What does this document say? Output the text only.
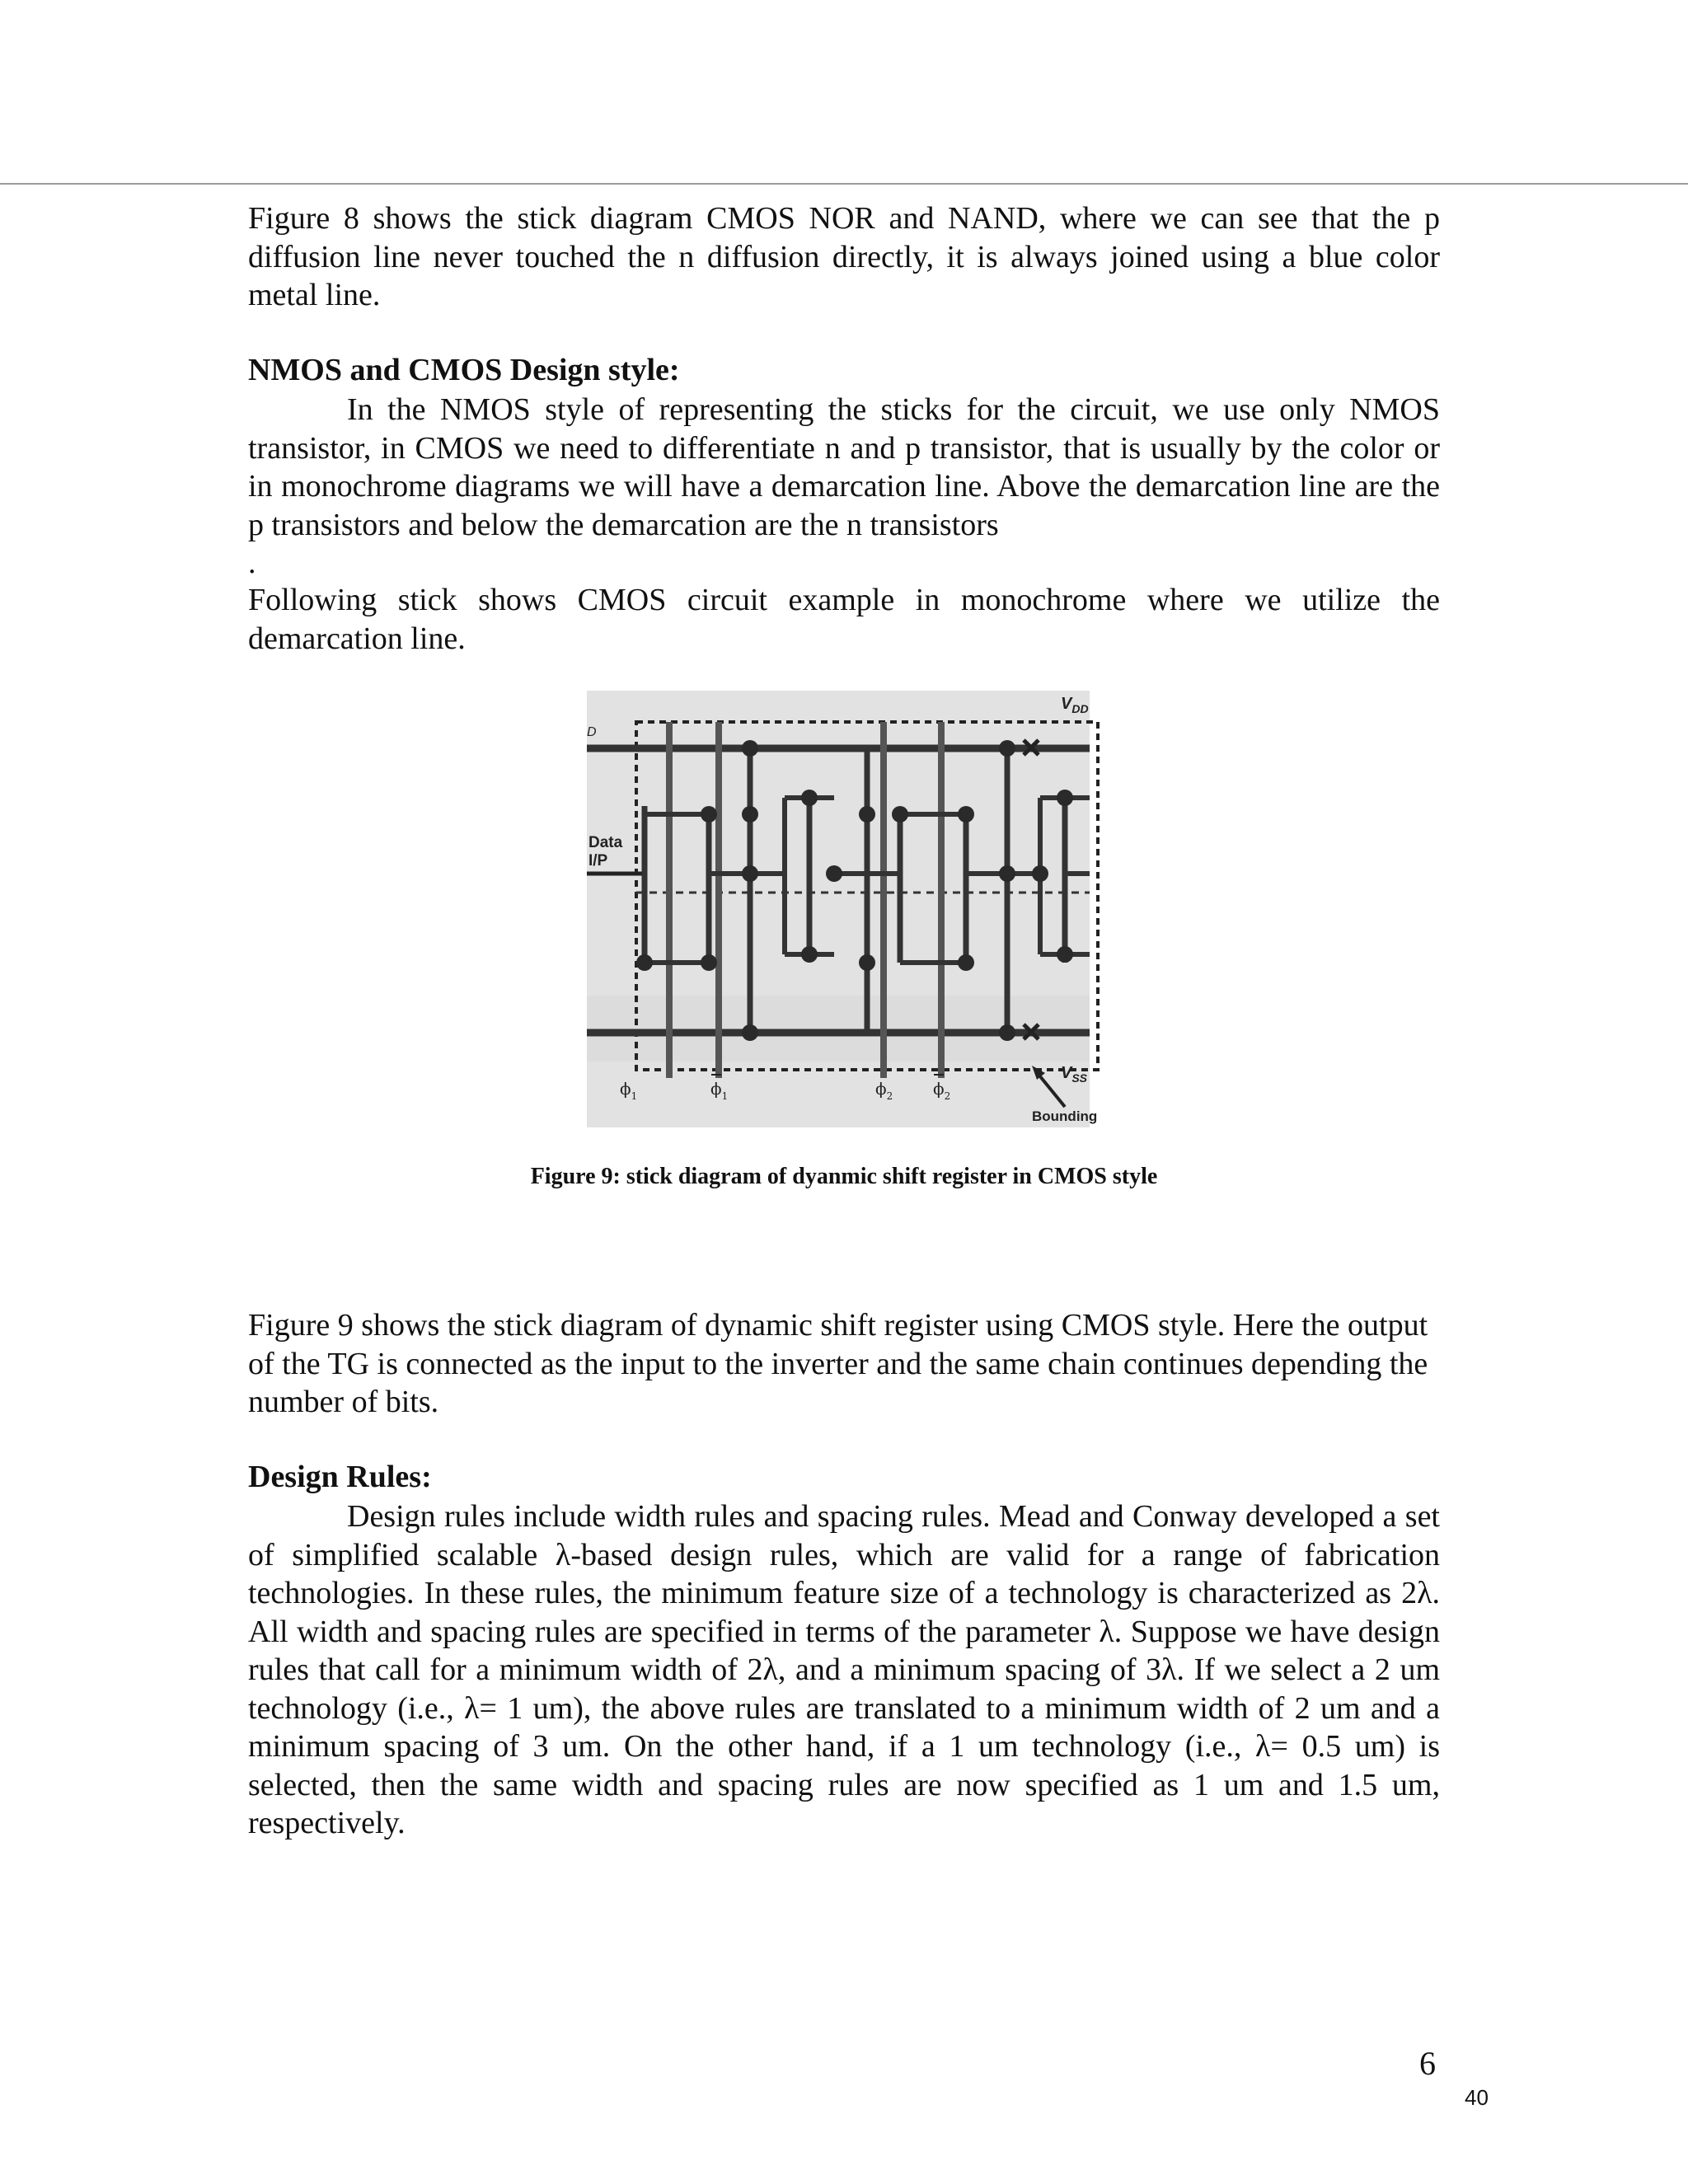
Figure 8 shows the stick diagram CMOS NOR and NAND, where we can see that the p diffusion line never touched the n diffusion directly, it is always joined using a blue color metal line.
NMOS and CMOS Design style:
In the NMOS style of representing the sticks for the circuit, we use only NMOS transistor, in CMOS we need to differentiate n and p transistor, that is usually by the color or in monochrome diagrams we will have a demarcation line. Above the demarcation line are the p transistors and below the demarcation are the n transistors
.
Following stick shows CMOS circuit example in monochrome where we utilize the demarcation line.
$V_{DD}$
D
Data
I/P
$V_{SS}$
Bounding
$\phi_1$	$\phi_1$	$\phi_2$ $\phi_2$
Figure 9: stick diagram of dyanmic shift register in CMOS style
Figure 9 shows the stick diagram of dynamic shift register using CMOS style. Here the output of the TG is connected as the input to the inverter and the same chain continues depending the number of bits.
Design Rules:
Design rules include width rules and spacing rules. Mead and Conway developed a set of simplified scalable λ-based design rules, which are valid for a range of fabrication technologies. In these rules, the minimum feature size of a technology is characterized as 2λ. All width and spacing rules are specified in terms of the parameter λ. Suppose we have design rules that call for a minimum width of 2λ, and a minimum spacing of 3λ. If we select a 2 um technology (i.e., λ= 1 um), the above rules are translated to a minimum width of 2 um and a minimum spacing of 3 um. On the other hand, if a 1 um technology (i.e., λ= 0.5 um) is selected, then the same width and spacing rules are now specified as 1 um and 1.5 um, respectively.
6
40
